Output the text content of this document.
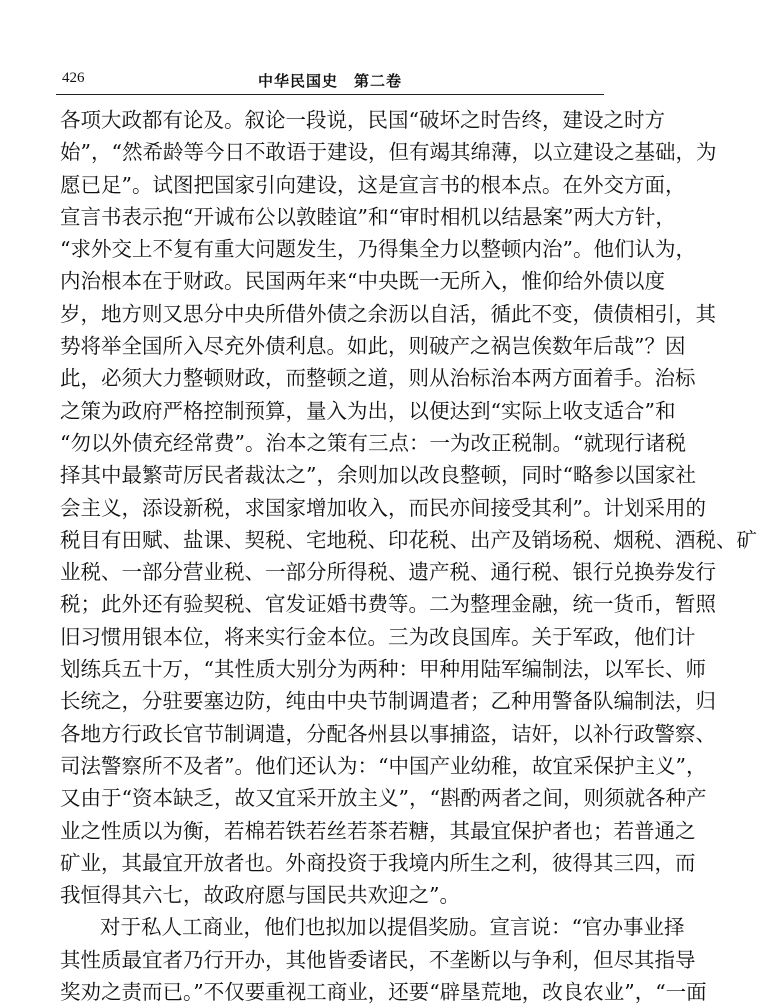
426	中华民国史　第二卷
各项大政都有论及。叙论一段说，民国“破坏之时告终，建设之时方
始”，“然希龄等今日不敢语于建设，但有竭其绵薄，以立建设之基础，为
愿已足”。试图把国家引向建设，这是宣言书的根本点。在外交方面，
宣言书表示抱“开诚布公以敦睦谊”和“审时相机以结悬案”两大方针，
“求外交上不复有重大问题发生，乃得集全力以整顿内治”。他们认为，
内治根本在于财政。民国两年来“中央既一无所入，惟仰给外债以度
岁，地方则又思分中央所借外债之余沥以自活，循此不变，债债相引，其
势将举全国所入尽充外债利息。如此，则破产之祸岂俟数年后哉”？因
此，必须大力整顿财政，而整顿之道，则从治标治本两方面着手。治标
之策为政府严格控制预算，量入为出，以便达到“实际上收支适合”和
“勿以外债充经常费”。治本之策有三点：一为改正税制。“就现行诸税
择其中最繁苛厉民者裁汰之”，余则加以改良整顿，同时“略参以国家社
会主义，添设新税，求国家增加收入，而民亦间接受其利”。计划采用的
税目有田赋、盐课、契税、宅地税、印花税、出产及销场税、烟税、酒税、矿
业税、一部分营业税、一部分所得税、遗产税、通行税、银行兑换券发行
税；此外还有验契税、官发证婚书费等。二为整理金融，统一货币，暂照
旧习惯用银本位，将来实行金本位。三为改良国库。关于军政，他们计
划练兵五十万，“其性质大别分为两种：甲种用陆军编制法，以军长、师
长统之，分驻要塞边防，纯由中央节制调遣者；乙种用警备队编制法，归
各地方行政长官节制调遣，分配各州县以事捕盗，诘奸，以补行政警察、
司法警察所不及者”。他们还认为：“中国产业幼稚，故宜采保护主义”，
又由于“资本缺乏，故又宜采开放主义”，“斟酌两者之间，则须就各种产
业之性质以为衡，若棉若铁若丝若茶若糖，其最宜保护者也；若普通之
矿业，其最宜开放者也。外商投资于我境内所生之利，彼得其三四，而
我恒得其六七，故政府愿与国民共欢迎之”。
对于私人工商业，他们也拟加以提倡奖励。宣言说：“官办事业择
其性质最宜者乃行开办，其他皆委诸民，不垄断以与争利，但尽其指导
奖劝之责而已。”不仅要重视工商业，还要“辟垦荒地，改良农业”，“一面
